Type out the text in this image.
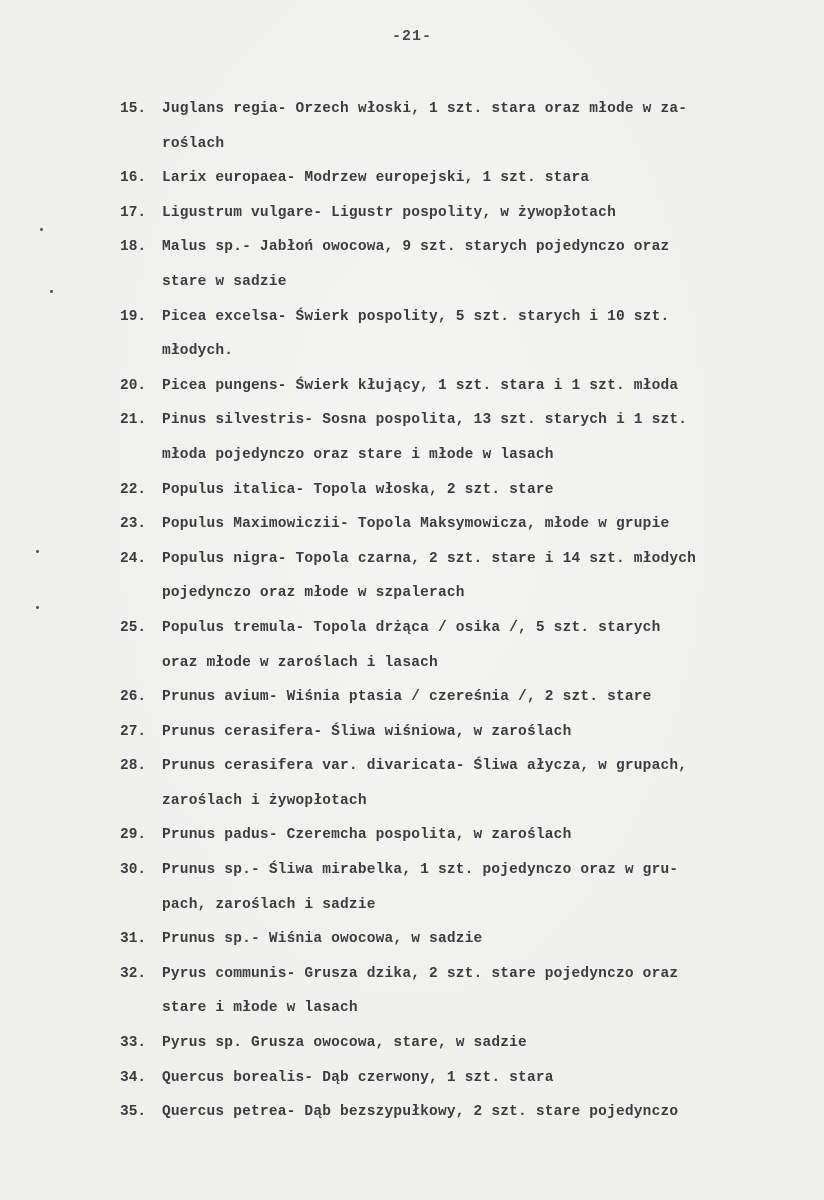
-21-
15.	Juglans regia- Orzech włoski, 1 szt. stara oraz młode w za-
roślach
16.	Larix europaea- Modrzew europejski, 1 szt. stara
17.	Ligustrum vulgare- Ligustr pospolity, w żywopłotach
18.	Malus sp.- Jabłoń owocowa, 9 szt. starych pojedynczo oraz
stare w sadzie
19.	Picea excelsa- Świerk pospolity, 5 szt. starych i 10 szt.
młodych.
20.	Picea pungens- Świerk kłujący, 1 szt. stara i 1 szt. młoda
21.	Pinus silvestris- Sosna pospolita, 13 szt. starych i 1 szt.
młoda pojedynczo oraz stare i młode w lasach
22.	Populus italica- Topola włoska, 2 szt. stare
23.	Populus Maximowiczii- Topola Maksymowicza, młode w grupie
24.	Populus nigra- Topola czarna, 2 szt. stare i 14 szt. młodych
pojedynczo oraz młode w szpalerach
25.	Populus tremula- Topola drżąca / osika /, 5 szt. starych
oraz młode w zaroślach i lasach
26.	Prunus avium- Wiśnia ptasia / czereśnia /, 2 szt. stare
27.	Prunus cerasifera- Śliwa wiśniowa, w zaroślach
28.	Prunus cerasifera var. divaricata- Śliwa ałycza, w grupach,
zaroślach i żywopłotach
29.	Prunus padus- Czeremcha pospolita, w zaroślach
30.	Prunus sp.- Śliwa mirabelka, 1 szt. pojedynczo oraz w gru-
pach, zaroślach i sadzie
31.	Prunus sp.- Wiśnia owocowa, w sadzie
32.	Pyrus communis- Grusza dzika, 2 szt. stare pojedynczo oraz
stare i młode w lasach
33.	Pyrus sp. Grusza owocowa, stare, w sadzie
34.	Quercus borealis- Dąb czerwony, 1 szt. stara
35.	Quercus petrea- Dąb bezszypułkowy, 2 szt. stare pojedynczo
